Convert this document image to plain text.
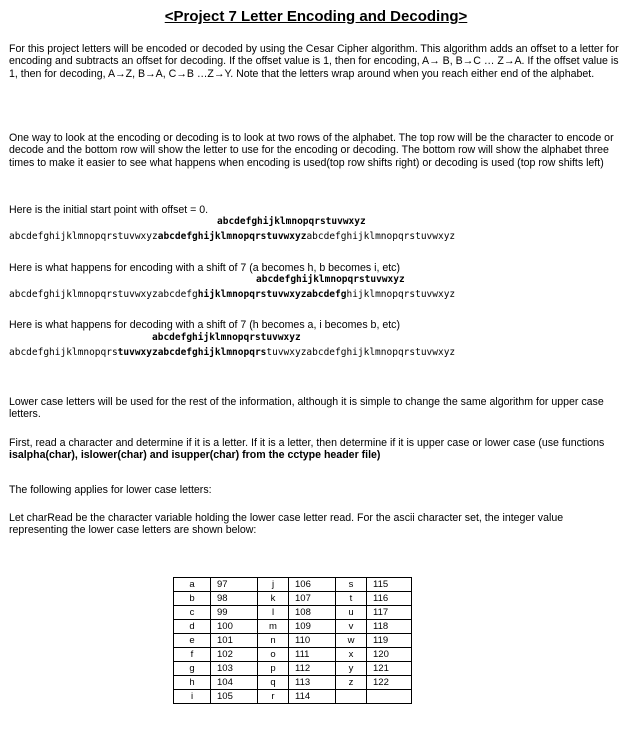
<Project 7 Letter Encoding and Decoding>

For this project letters will be encoded or decoded by using the Cesar Cipher algorithm. This algorithm adds an offset to a letter for encoding and subtracts an offset for decoding. If the offset value is 1, then for encoding, A→ B, B→C … Z→A. If the offset value is 1, then for decoding, A→Z, B→A, C→B …Z→Y. Note that the letters wrap around when you reach either end of the alphabet.

One way to look at the encoding or decoding is to look at two rows of the alphabet. The top row will be the character to encode or decode and the bottom row will show the letter to use for the encoding or decoding. The bottom row will show the alphabet three times to make it easier to see what happens when encoding is used(top row shifts right) or decoding is used (top row shifts left)

Here is the initial start point with offset = 0.

abcdefghijklmnopqrstuvwxyz
abcdefghijklmnopqrstuvwxyzabcdefghijklmnopqrstuvwxyzabcdefghijklmnopqrstuvwxyz

Here is what happens for encoding with a shift of 7 (a becomes h, b becomes i, etc)

abcdefghijklmnopqrstuvwxyz
abcdefghijklmnopqrstuvwxyzabcdefghijklmnopqrstuvwxyzabcdefghijklmnopqrstuvwxyz

Here is what happens for decoding with a shift of 7 (h becomes a, i becomes b, etc)

abcdefghijklmnopqrstuvwxyz
abcdefghijklmnopqrstuvwxyzabcdefghijklmnopqrstuvwxyzabcdefghijklmnopqrstuvwxyz

Lower case letters will be used for the rest of the information, although it is simple to change the same algorithm for upper case letters.

First, read a character and determine if it is a letter. If it is a letter, then determine if it is upper case or lower case (use functions isalpha(char), islower(char) and isupper(char) from the cctype header file)

The following applies for lower case letters:

Let charRead be the character variable holding the lower case letter read. For the ascii character set, the integer value representing the lower case letters are shown below:

a	97	j	106	s	115
b	98	k	107	t	116
c	99	l	108	u	117
d	100	m	109	v	118
e	101	n	110	w	119
f	102	o	111	x	120
g	103	p	112	y	121
h	104	q	113	z	122
i	105	r	114		
